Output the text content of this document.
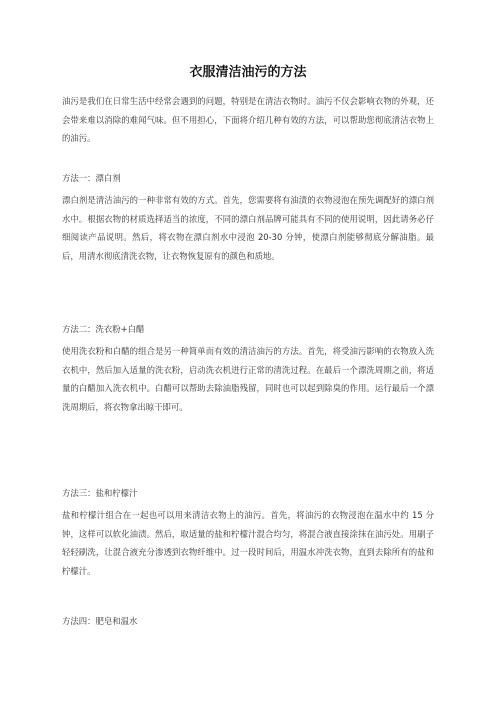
衣服清洁油污的方法

油污是我们在日常生活中经常会遇到的问题，特别是在清洁衣物时。油污不仅会影响衣物的外观，还会带来难以消除的难闻气味。但不用担心，下面将介绍几种有效的方法，可以帮助您彻底清洁衣物上的油污。

方法一：漂白剂

漂白剂是清洁油污的一种非常有效的方式。首先，您需要将有油渍的衣物浸泡在预先调配好的漂白剂水中。根据衣物的材质选择适当的浓度，不同的漂白剂品牌可能具有不同的使用说明，因此请务必仔细阅读产品说明。然后，将衣物在漂白剂水中浸泡 20-30 分钟，使漂白剂能够彻底分解油脂。最后，用清水彻底清洗衣物，让衣物恢复原有的颜色和质地。

方法二：洗衣粉+白醋

使用洗衣粉和白醋的组合是另一种简单而有效的清洁油污的方法。首先，将受油污影响的衣物放入洗衣机中，然后加入适量的洗衣粉，启动洗衣机进行正常的清洗过程。在最后一个漂洗周期之前，将适量的白醋加入洗衣机中。白醋可以帮助去除油脂残留，同时也可以起到除臭的作用。运行最后一个漂洗周期后，将衣物拿出晾干即可。

方法三：盐和柠檬汁

盐和柠檬汁组合在一起也可以用来清洁衣物上的油污。首先，将油污的衣物浸泡在温水中约 15 分钟，这样可以软化油渍。然后，取适量的盐和柠檬汁混合均匀，将混合液直接涂抹在油污处。用刷子轻轻刷洗，让混合液充分渗透到衣物纤维中。过一段时间后，用温水冲洗衣物，直到去除所有的盐和柠檬汁。

方法四：肥皂和温水
